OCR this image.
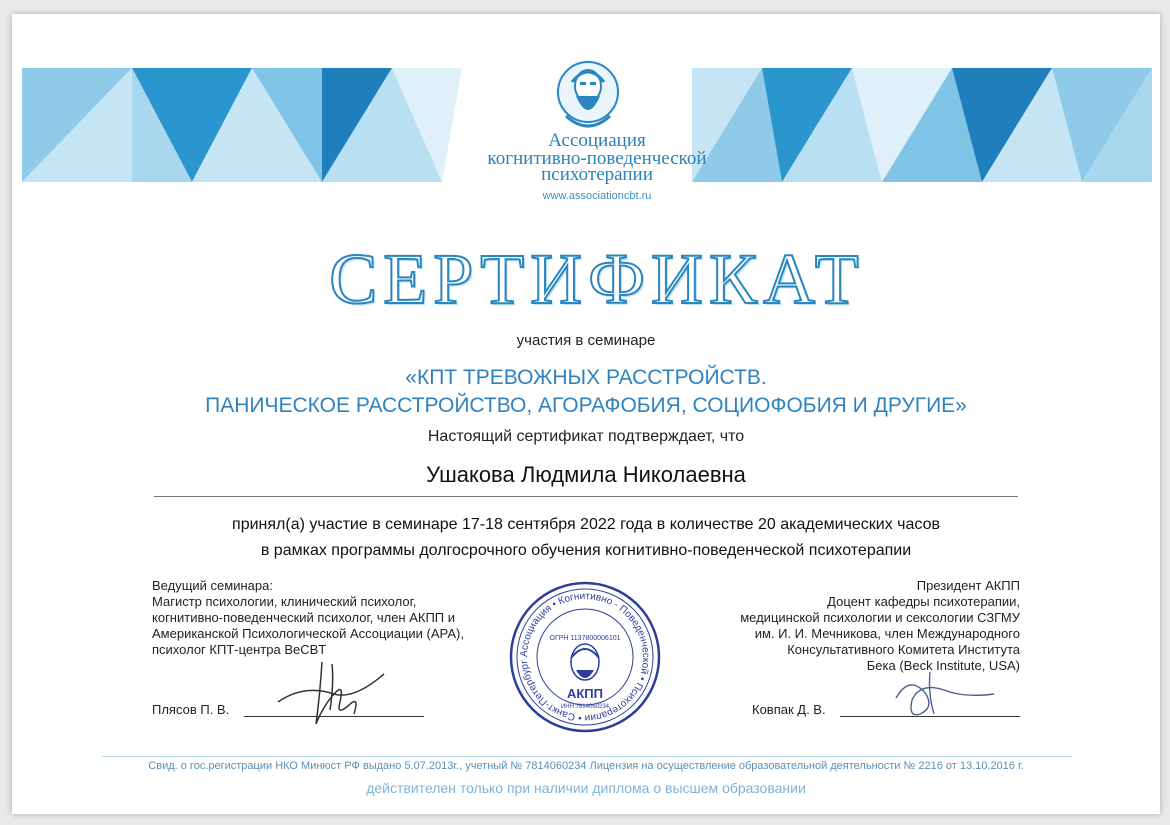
Ассоциация
когнитивно-поведенческой
психотерапии
www.associationcbt.ru
СЕРТИФИКАТ
участия в семинаре
«КПТ ТРЕВОЖНЫХ РАССТРОЙСТВ.
ПАНИЧЕСКОЕ РАССТРОЙСТВО, АГОРАФОБИЯ, СОЦИОФОБИЯ И ДРУГИЕ»
Настоящий сертификат подтверждает, что
Ушакова Людмила Николаевна
принял(а) участие в семинаре 17-18 сентября 2022 года в количестве 20 академических часов
в рамках программы долгосрочного обучения когнитивно-поведенческой психотерапии
Ведущий семинара:
Магистр психологии, клинический психолог,
когнитивно-поведенческий психолог, член АКПП и
Американской Психологической Ассоциации (АРА),
психолог КПТ-центра BeCBT
Президент АКПП
Доцент кафедры психотерапии,
медицинской психологии и сексологии СЗГМУ
им. И. И. Мечникова, член Международного
Консультативного Комитета Института
Бека (Beck Institute, USA)
Плясов П. В.	Ковпак Д. В.
Ассоциация • Когнитивно - Поведенческой • Психотерапии • Санкт-Петербург
ОГРН 1137800006101
АКПП
ИНН 7814060234
Свид. о гос.регистрации НКО Минюст РФ выдано 5.07.2013г., учетный № 7814060234 Лицензия на осуществление образовательной деятельности № 2216 от 13.10.2016 г.
действителен только при наличии диплома о высшем образовании
